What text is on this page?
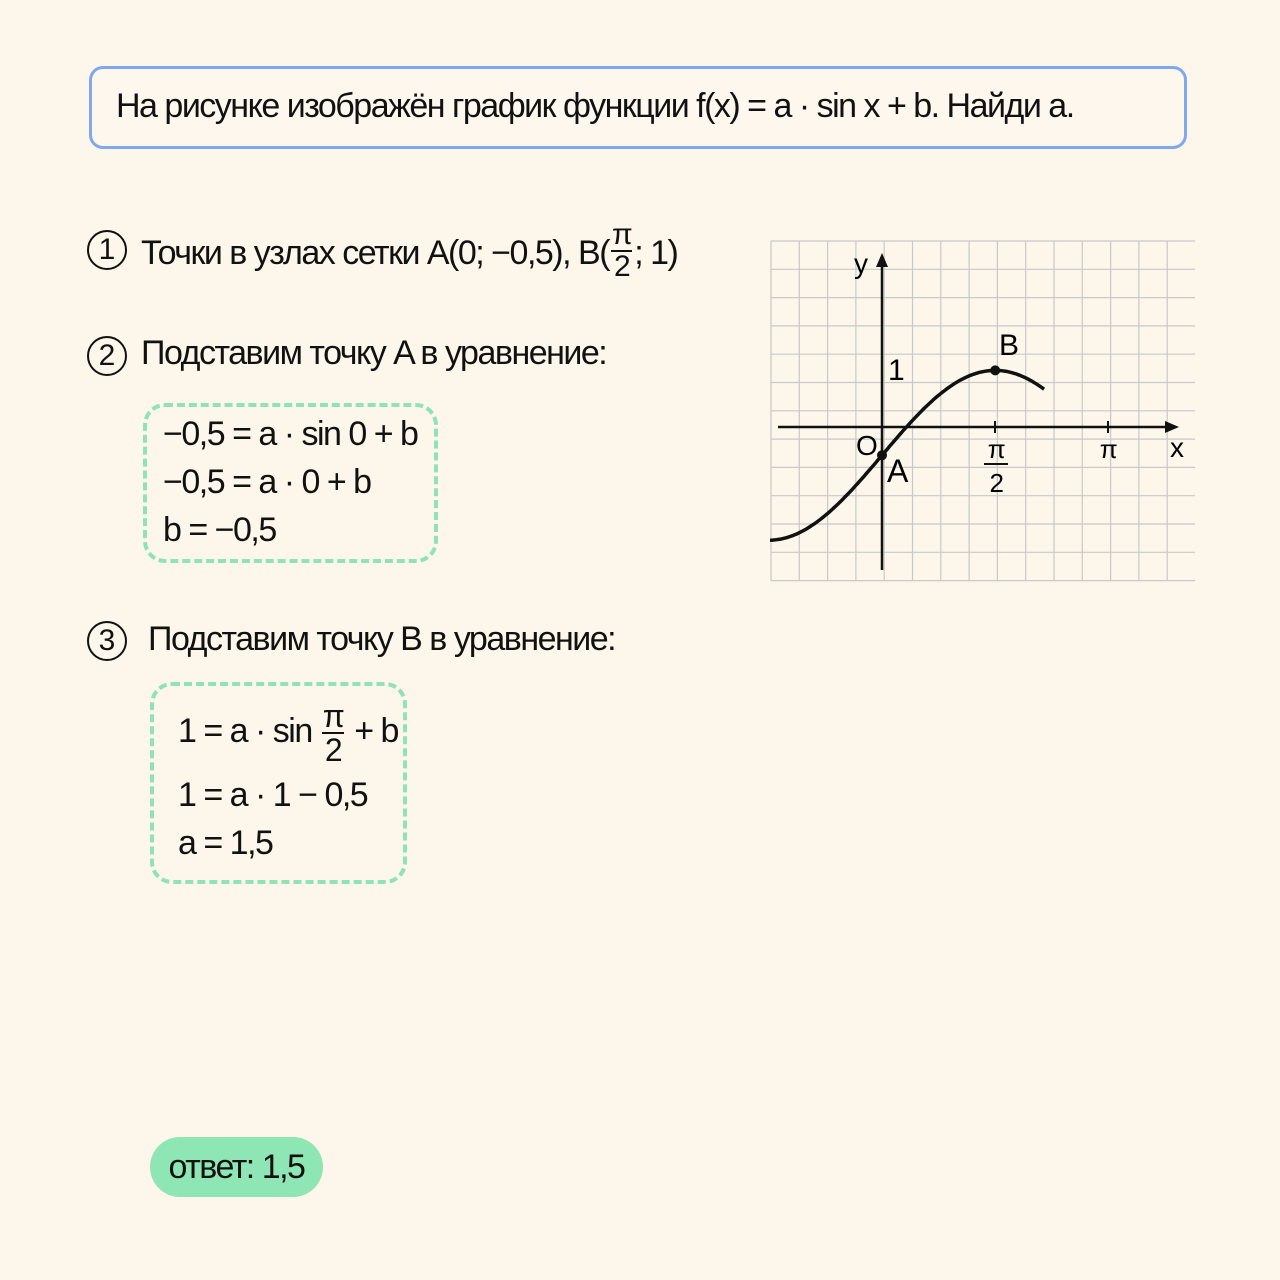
На рисунке изображён график функции f(x) = a · sin x + b. Найди a.
1 Точки в узлах сетки A(0; −0,5), $B( \frac{\pi}{2}$ ; 1)
2 Подставим точку A в уравнение:
−0,5 = a · sin 0 + b
−0,5 = a · 0 + b
b = −0,5
3 Подставим точку B в уравнение:
$1 = a \cdot \sin \frac{\pi}{2} + b$
1 = a · 1 − 0,5
a = 1,5
y
x
O
1
A
B
π
2
π
ответ: 1,5
